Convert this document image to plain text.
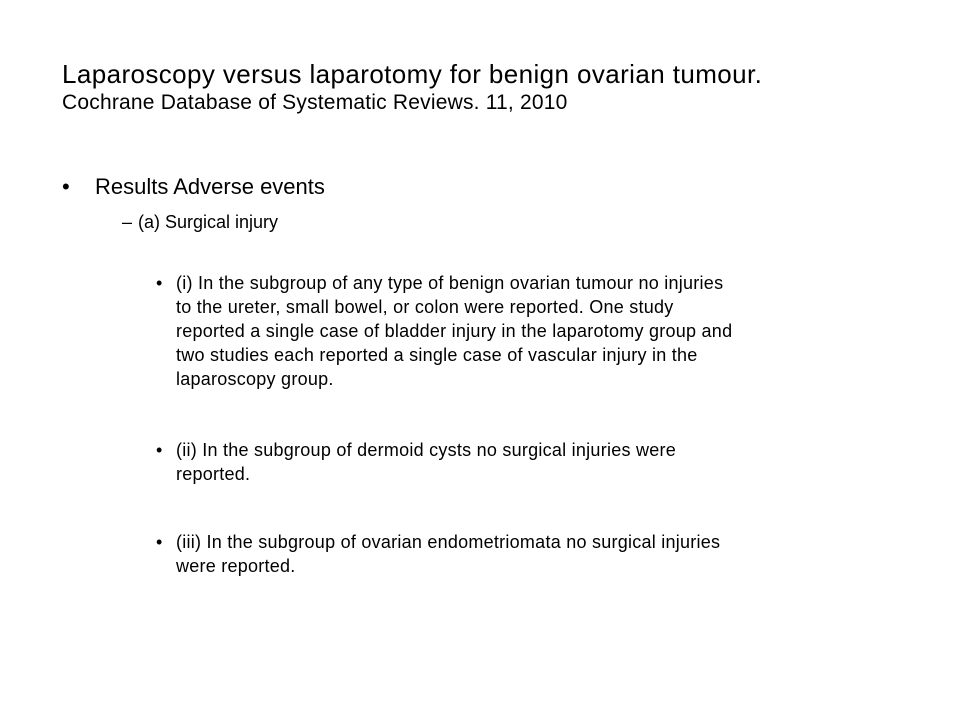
Laparoscopy versus laparotomy for benign ovarian tumour.
Cochrane Database of Systematic Reviews. 11, 2010
• Results Adverse events
– (a) Surgical injury
• (i) In the subgroup of any type of benign ovarian tumour no injuries
to the ureter, small bowel, or colon were reported. One study
reported a single case of bladder injury in the laparotomy group and
two studies each reported a single case of vascular injury in the
laparoscopy group.
• (ii) In the subgroup of dermoid cysts no surgical injuries were
reported.
• (iii) In the subgroup of ovarian endometriomata no surgical injuries
were reported.
